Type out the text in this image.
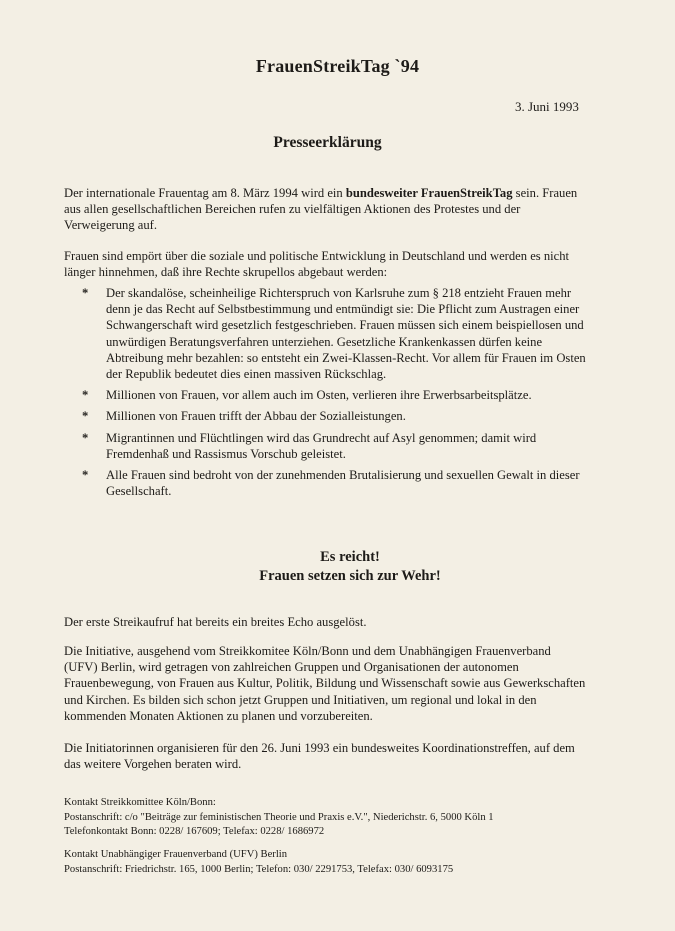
FrauenStreikTag `94
3. Juni 1993
Presseerklärung
Der internationale Frauentag am 8. März 1994 wird ein bundesweiter FrauenStreikTag sein. Frauen aus allen gesellschaftlichen Bereichen rufen zu vielfältigen Aktionen des Protestes und der Verweigerung auf.
Frauen sind empört über die soziale und politische Entwicklung in Deutschland und werden es nicht länger hinnehmen, daß ihre Rechte skrupellos abgebaut werden:
* Der skandalöse, scheinheilige Richterspruch von Karlsruhe zum § 218 entzieht Frauen mehr denn je das Recht auf Selbstbestimmung und entmündigt sie: Die Pflicht zum Austragen einer Schwangerschaft wird gesetzlich festgeschrieben. Frauen müssen sich einem beispiellosen und unwürdigen Beratungsverfahren unterziehen. Gesetzliche Krankenkassen dürfen keine Abtreibung mehr bezahlen: so entsteht ein Zwei-Klassen-Recht. Vor allem für Frauen im Osten der Republik bedeutet dies einen massiven Rückschlag.
* Millionen von Frauen, vor allem auch im Osten, verlieren ihre Erwerbsarbeitsplätze.
* Millionen von Frauen trifft der Abbau der Sozialleistungen.
* Migrantinnen und Flüchtlingen wird das Grundrecht auf Asyl genommen; damit wird Fremdenhaß und Rassismus Vorschub geleistet.
* Alle Frauen sind bedroht von der zunehmenden Brutalisierung und sexuellen Gewalt in dieser Gesellschaft.
Es reicht!
Frauen setzen sich zur Wehr!
Der erste Streikaufruf hat bereits ein breites Echo ausgelöst.
Die Initiative, ausgehend vom Streikkomitee Köln/Bonn und dem Unabhängigen Frauenverband (UFV) Berlin, wird getragen von zahlreichen Gruppen und Organisationen der autonomen Frauenbewegung, von Frauen aus Kultur, Politik, Bildung und Wissenschaft sowie aus Gewerkschaften und Kirchen. Es bilden sich schon jetzt Gruppen und Initiativen, um regional und lokal in den kommenden Monaten Aktionen zu planen und vorzubereiten.
Die Initiatorinnen organisieren für den 26. Juni 1993 ein bundesweites Koordinationstreffen, auf dem das weitere Vorgehen beraten wird.
Kontakt Streikkomittee Köln/Bonn:
Postanschrift: c/o "Beiträge zur feministischen Theorie und Praxis e.V.", Niederichstr. 6, 5000 Köln 1
Telefonkontakt Bonn: 0228/ 167609; Telefax: 0228/ 1686972
Kontakt Unabhängiger Frauenverband (UFV) Berlin
Postanschrift: Friedrichstr. 165, 1000 Berlin; Telefon: 030/ 2291753, Telefax: 030/ 6093175
